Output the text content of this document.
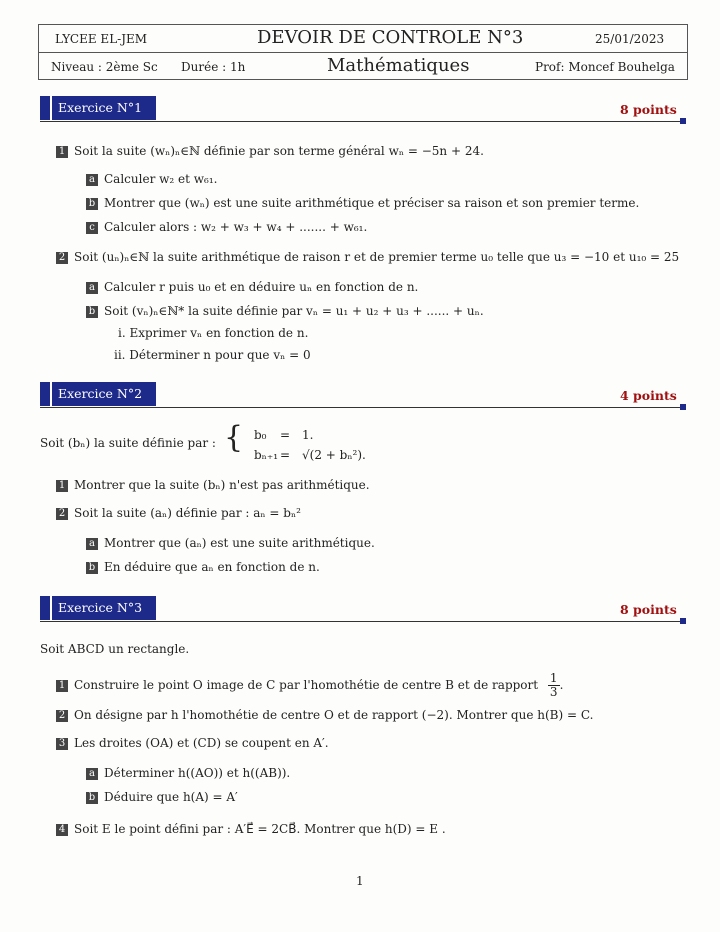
LYCEE EL-JEM	DEVOIR DE CONTROLE N°3	25/01/2023
Niveau : 2ème Sc Durée : 1h	Mathématiques	Prof: Moncef Bouhelga
Exercice N°1	8 points
1 Soit la suite (wₙ)ₙ∈ℕ définie par son terme général wₙ = −5n + 24.
a Calculer w₂ et w₆₁.
b Montrer que (wₙ) est une suite arithmétique et préciser sa raison et son premier terme.
c Calculer alors : w₂ + w₃ + w₄ + ....... + w₆₁.
2 Soit (uₙ)ₙ∈ℕ la suite arithmétique de raison r et de premier terme u₀ telle que u₃ = −10 et u₁₀ = 25
a Calculer r puis u₀ et en déduire uₙ en fonction de n.
b Soit (vₙ)ₙ∈ℕ* la suite définie par vₙ = u₁ + u₂ + u₃ + ...... + uₙ.
i. Exprimer vₙ en fonction de n.
ii. Déterminer n pour que vₙ = 0
Exercice N°2	4 points
Soit (bₙ) la suite définie par : { b₀ = 1.
bₙ₊₁ = √(2 + bₙ²).
1 Montrer que la suite (bₙ) n'est pas arithmétique.
2 Soit la suite (aₙ) définie par : aₙ = bₙ²
a Montrer que (aₙ) est une suite arithmétique.
b En déduire que aₙ en fonction de n.
Exercice N°3	8 points
Soit ABCD un rectangle.
1 Construire le point O image de C par l'homothétie de centre B et de rapport $\frac{1}{3}$ .
2 On désigne par h l'homothétie de centre O et de rapport (−2). Montrer que h(B) = C.
3 Les droites (OA) et (CD) se coupent en A′.
a Déterminer h((AO)) et h((AB)).
b Déduire que h(A) = A′
4 Soit E le point défini par : A′E⃗ = 2CB⃗. Montrer que h(D) = E .
1
